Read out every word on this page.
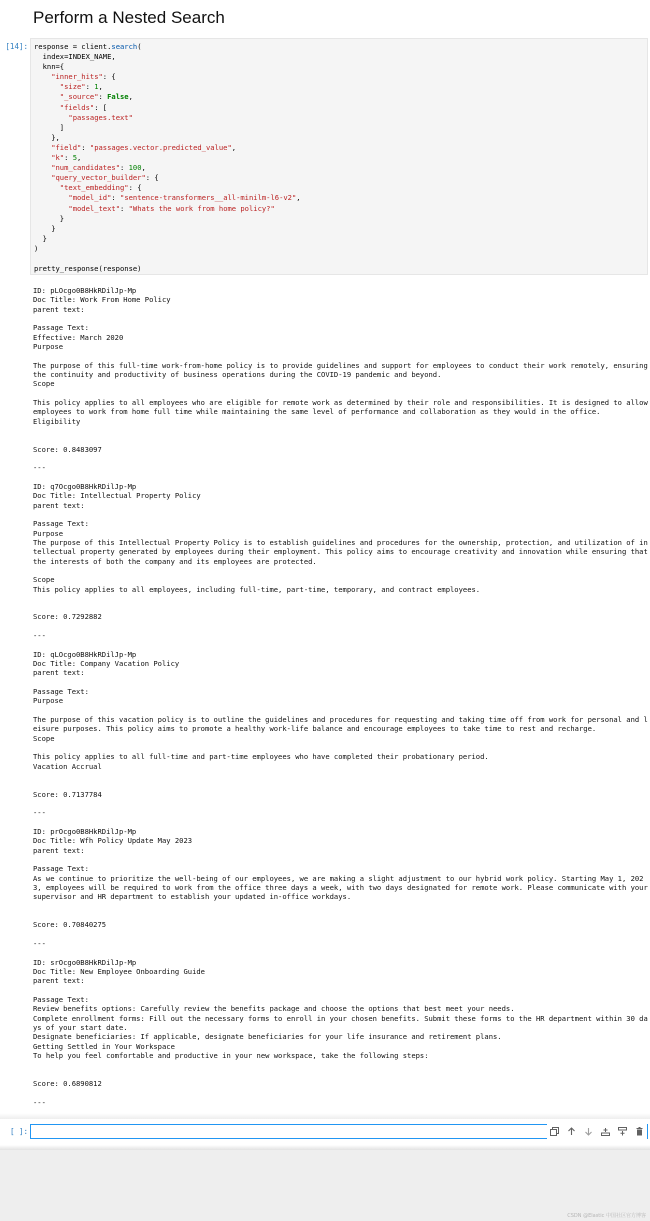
Perform a Nested Search
[14]: response = client.search(
index=INDEX_NAME,
knn={
"inner_hits": {
"size": 1,
"_source": False,
"fields": [
"passages.text"
]
},
"field": "passages.vector.predicted_value",
"k": 5,
"num_candidates": 100,
"query_vector_builder": {
"text_embedding": {
"model_id": "sentence-transformers__all-minilm-l6-v2",
"model_text": "Whats the work from home policy?"
}
}
}
)

pretty_response(response)
ID: pLOcgo0B8HkRDilJp-Mp
Doc Title: Work From Home Policy
parent text:

Passage Text:
Effective: March 2020
Purpose

The purpose of this full-time work-from-home policy is to provide guidelines and support for employees to conduct their work remotely, ensuring the continuity and productivity of business operations during the COVID-19 pandemic and beyond.
Scope

This policy applies to all employees who are eligible for remote work as determined by their role and responsibilities. It is designed to allow employees to work from home full time while maintaining the same level of performance and collaboration as they would in the office.
Eligibility

Score: 0.8483097

---

ID: q7Ocgo0B8HkRDilJp-Mp
Doc Title: Intellectual Property Policy
parent text:

Passage Text:
Purpose
The purpose of this Intellectual Property Policy is to establish guidelines and procedures for the ownership, protection, and utilization of intellectual property generated by employees during their employment. This policy aims to encourage creativity and innovation while ensuring that the interests of both the company and its employees are protected.

Scope
This policy applies to all employees, including full-time, part-time, temporary, and contract employees.

Score: 0.7292882

---

ID: qLOcgo0B8HkRDilJp-Mp
Doc Title: Company Vacation Policy
parent text:

Passage Text:
Purpose

The purpose of this vacation policy is to outline the guidelines and procedures for requesting and taking time off from work for personal and leisure purposes. This policy aims to promote a healthy work-life balance and encourage employees to take time to rest and recharge.
Scope

This policy applies to all full-time and part-time employees who have completed their probationary period.
Vacation Accrual

Score: 0.7137784

---

ID: prOcgo0B8HkRDilJp-Mp
Doc Title: Wfh Policy Update May 2023
parent text:

Passage Text:
As we continue to prioritize the well-being of our employees, we are making a slight adjustment to our hybrid work policy. Starting May 1, 2023, employees will be required to work from the office three days a week, with two days designated for remote work. Please communicate with your supervisor and HR department to establish your updated in-office workdays.

Score: 0.70840275

---

ID: srOcgo0B8HkRDilJp-Mp
Doc Title: New Employee Onboarding Guide
parent text:

Passage Text:
Review benefits options: Carefully review the benefits package and choose the options that best meet your needs.
Complete enrollment forms: Fill out the necessary forms to enroll in your chosen benefits. Submit these forms to the HR department within 30 days of your start date.
Designate beneficiaries: If applicable, designate beneficiaries for your life insurance and retirement plans.
Getting Settled in Your Workspace
To help you feel comfortable and productive in your new workspace, take the following steps:

Score: 0.6890812

---
[ ]:
CSDN @Elastic 中国社区官方博客
